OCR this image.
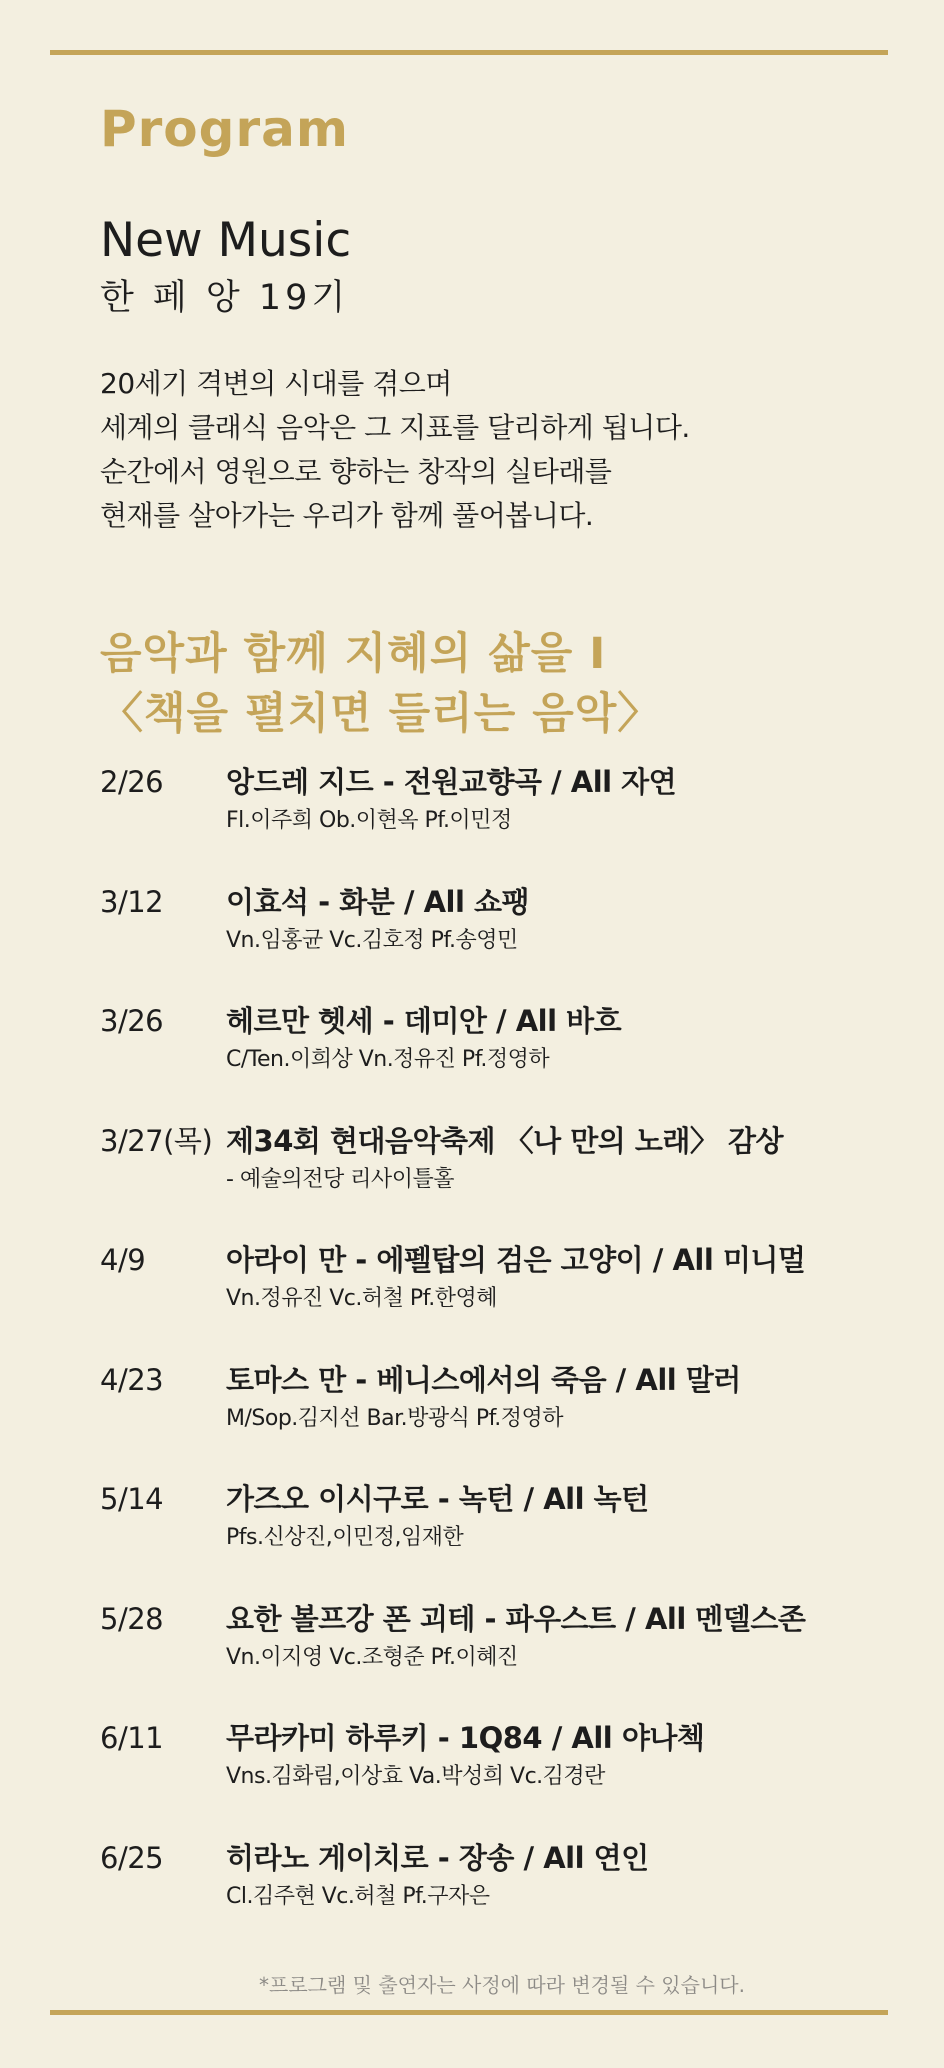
Program
New Music
한 페 앙 19기
20세기 격변의 시대를 겪으며
세계의 클래식 음악은 그 지표를 달리하게 됩니다.
순간에서 영원으로 향하는 창작의 실타래를
현재를 살아가는 우리가 함께 풀어봅니다.
음악과 함께 지혜의 삶을 I
〈책을 펼치면 들리는 음악〉
2/26 앙드레 지드 - 전원교향곡 / All 자연
Fl.이주희 Ob.이현옥 Pf.이민정
3/12 이효석 - 화분 / All 쇼팽
Vn.임홍균 Vc.김호정 Pf.송영민
3/26 헤르만 헷세 - 데미안 / All 바흐
C/Ten.이희상 Vn.정유진 Pf.정영하
3/27(목) 제34회 현대음악축제 〈나 만의 노래〉 감상
- 예술의전당 리사이틀홀
4/9	아라이 만 - 에펠탑의 검은 고양이 / All 미니멀
Vn.정유진 Vc.허철 Pf.한영혜
4/23 토마스 만 - 베니스에서의 죽음 / All 말러
M/Sop.김지선 Bar.방광식 Pf.정영하
5/14 가즈오 이시구로 - 녹턴 / All 녹턴
Pfs.신상진,이민정,임재한
5/28 요한 볼프강 폰 괴테 - 파우스트 / All 멘델스존
Vn.이지영 Vc.조형준 Pf.이혜진
6/11 무라카미 하루키 - 1Q84 / All 야나첵
Vns.김화림,이상효 Va.박성희 Vc.김경란
6/25 히라노 게이치로 - 장송 / All 연인
Cl.김주현 Vc.허철 Pf.구자은
*프로그램 및 출연자는 사정에 따라 변경될 수 있습니다.
